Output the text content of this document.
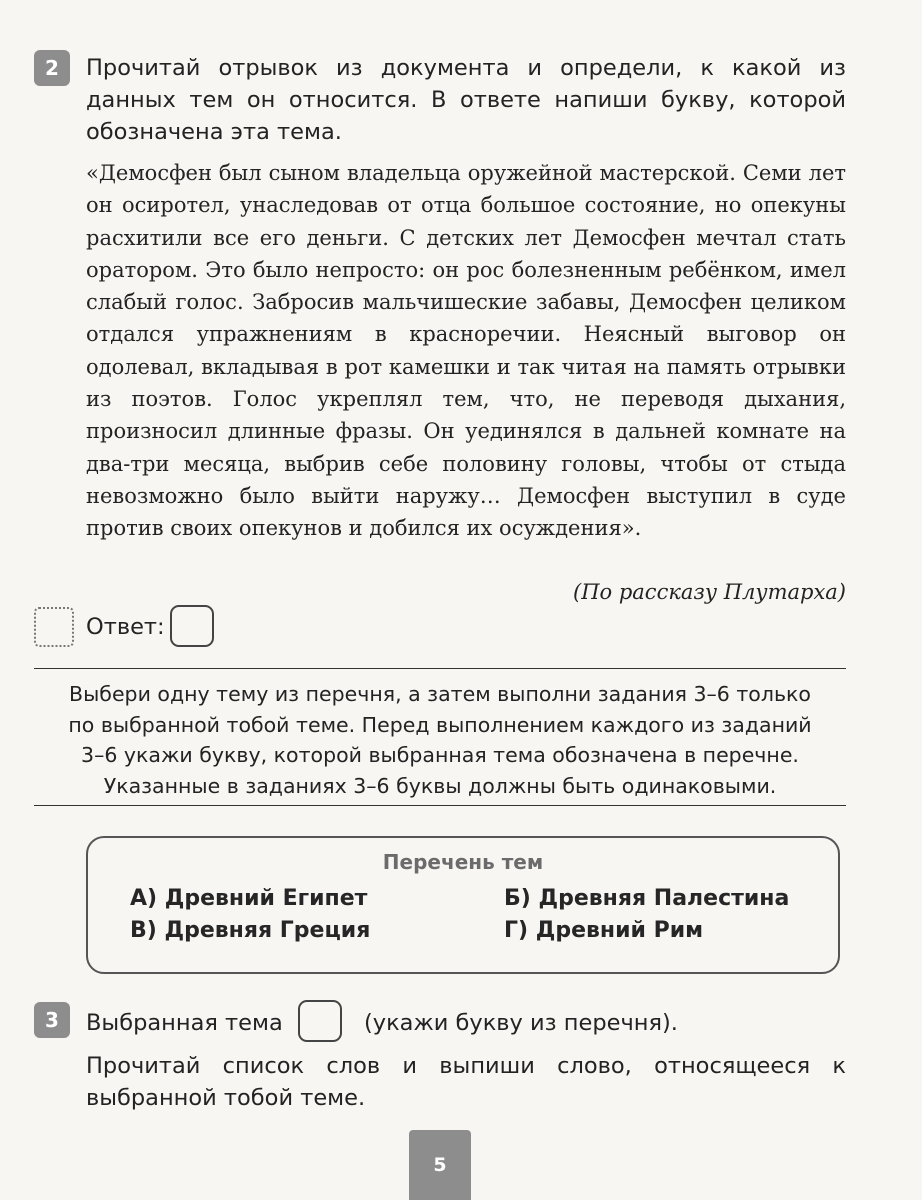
2	Прочитай отрывок из документа и определи, к какой из данных тем он относится. В ответе напиши букву, которой обозначена эта тема.

«Демосфен был сыном владельца оружейной мастерской. Семи лет он осиротел, унаследовав от отца большое состояние, но опекуны расхитили все его деньги. С детских лет Демосфен мечтал стать оратором. Это было непросто: он рос болезненным ребёнком, имел слабый голос. Забросив мальчишеские забавы, Демосфен целиком отдался упражнениям в красноречии. Неясный выговор он одолевал, вкладывая в рот камешки и так читая на память отрывки из поэтов. Голос укреплял тем, что, не переводя дыхания, произносил длинные фразы. Он уединялся в дальней комнате на два-три месяца, выбрив себе половину головы, чтобы от стыда невозможно было выйти наружу… Демосфен выступил в суде против своих опекунов и добился их осуждения».

(По рассказу Плутарха)
Ответ:
Выбери одну тему из перечня, а затем выполни задания 3–6 только
по выбранной тобой теме. Перед выполнением каждого из заданий
3–6 укажи букву, которой выбранная тема обозначена в перечне.
Указанные в заданиях 3–6 буквы должны быть одинаковыми.
Перечень тем
А) Древний Египет	Б) Древняя Палестина
В) Древняя Греция	Г) Древний Рим
3	Выбранная тема	(укажи букву из перечня).
Прочитай список слов и выпиши слово, относящееся к выбранной тобой теме.
5
